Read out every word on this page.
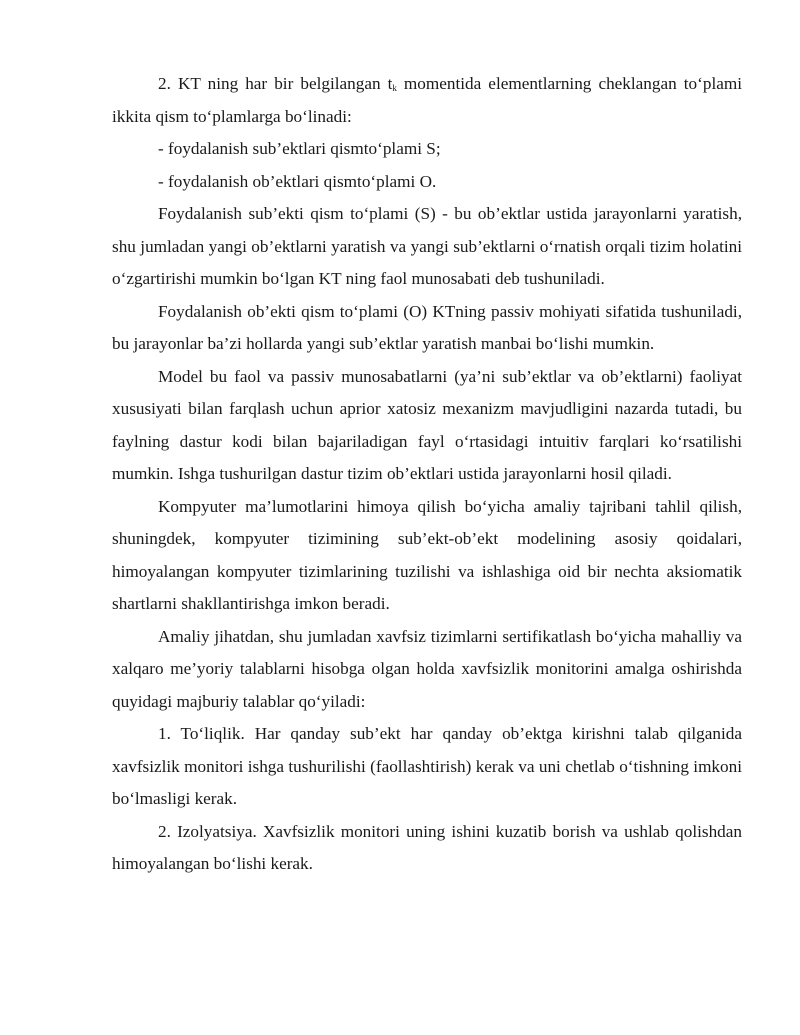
2. KT ning har bir belgilangan $t_k$ momentida elementlarning cheklangan to‘plami ikkita qism to‘plamlarga bo‘linadi:

- foydalanish sub’ektlari qismto‘plami S;

- foydalanish ob’ektlari qismto‘plami O.

Foydalanish sub’ekti qism to‘plami (S) - bu ob’ektlar ustida jarayonlarni yaratish, shu jumladan yangi ob’ektlarni yaratish va yangi sub’ektlarni o‘rnatish orqali tizim holatini o‘zgartirishi mumkin bo‘lgan KT ning faol munosabati deb tushuniladi.

Foydalanish ob’ekti qism to‘plami (O) KTning passiv mohiyati sifatida tushuniladi, bu jarayonlar ba’zi hollarda yangi sub’ektlar yaratish manbai bo‘lishi mumkin.

Model bu faol va passiv munosabatlarni (ya’ni sub’ektlar va ob’ektlarni) faoliyat xususiyati bilan farqlash uchun aprior xatosiz mexanizm mavjudligini nazarda tutadi, bu faylning dastur kodi bilan bajariladigan fayl o‘rtasidagi intuitiv farqlari ko‘rsatilishi mumkin. Ishga tushurilgan dastur tizim ob’ektlari ustida jarayonlarni hosil qiladi.

Kompyuter ma’lumotlarini himoya qilish bo‘yicha amaliy tajribani tahlil qilish, shuningdek, kompyuter tizimining sub’ekt-ob’ekt modelining asosiy qoidalari, himoyalangan kompyuter tizimlarining tuzilishi va ishlashiga oid bir nechta aksiomatik shartlarni shakllantirishga imkon beradi.

Amaliy jihatdan, shu jumladan xavfsiz tizimlarni sertifikatlash bo‘yicha mahalliy va xalqaro me’yoriy talablarni hisobga olgan holda xavfsizlik monitorini amalga oshirishda quyidagi majburiy talablar qo‘yiladi:

1. To‘liqlik. Har qanday sub’ekt har qanday ob’ektga kirishni talab qilganida xavfsizlik monitori ishga tushurilishi (faollashtirish) kerak va uni chetlab o‘tishning imkoni bo‘lmasligi kerak.

2. Izolyatsiya. Xavfsizlik monitori uning ishini kuzatib borish va ushlab qolishdan himoyalangan bo‘lishi kerak.
